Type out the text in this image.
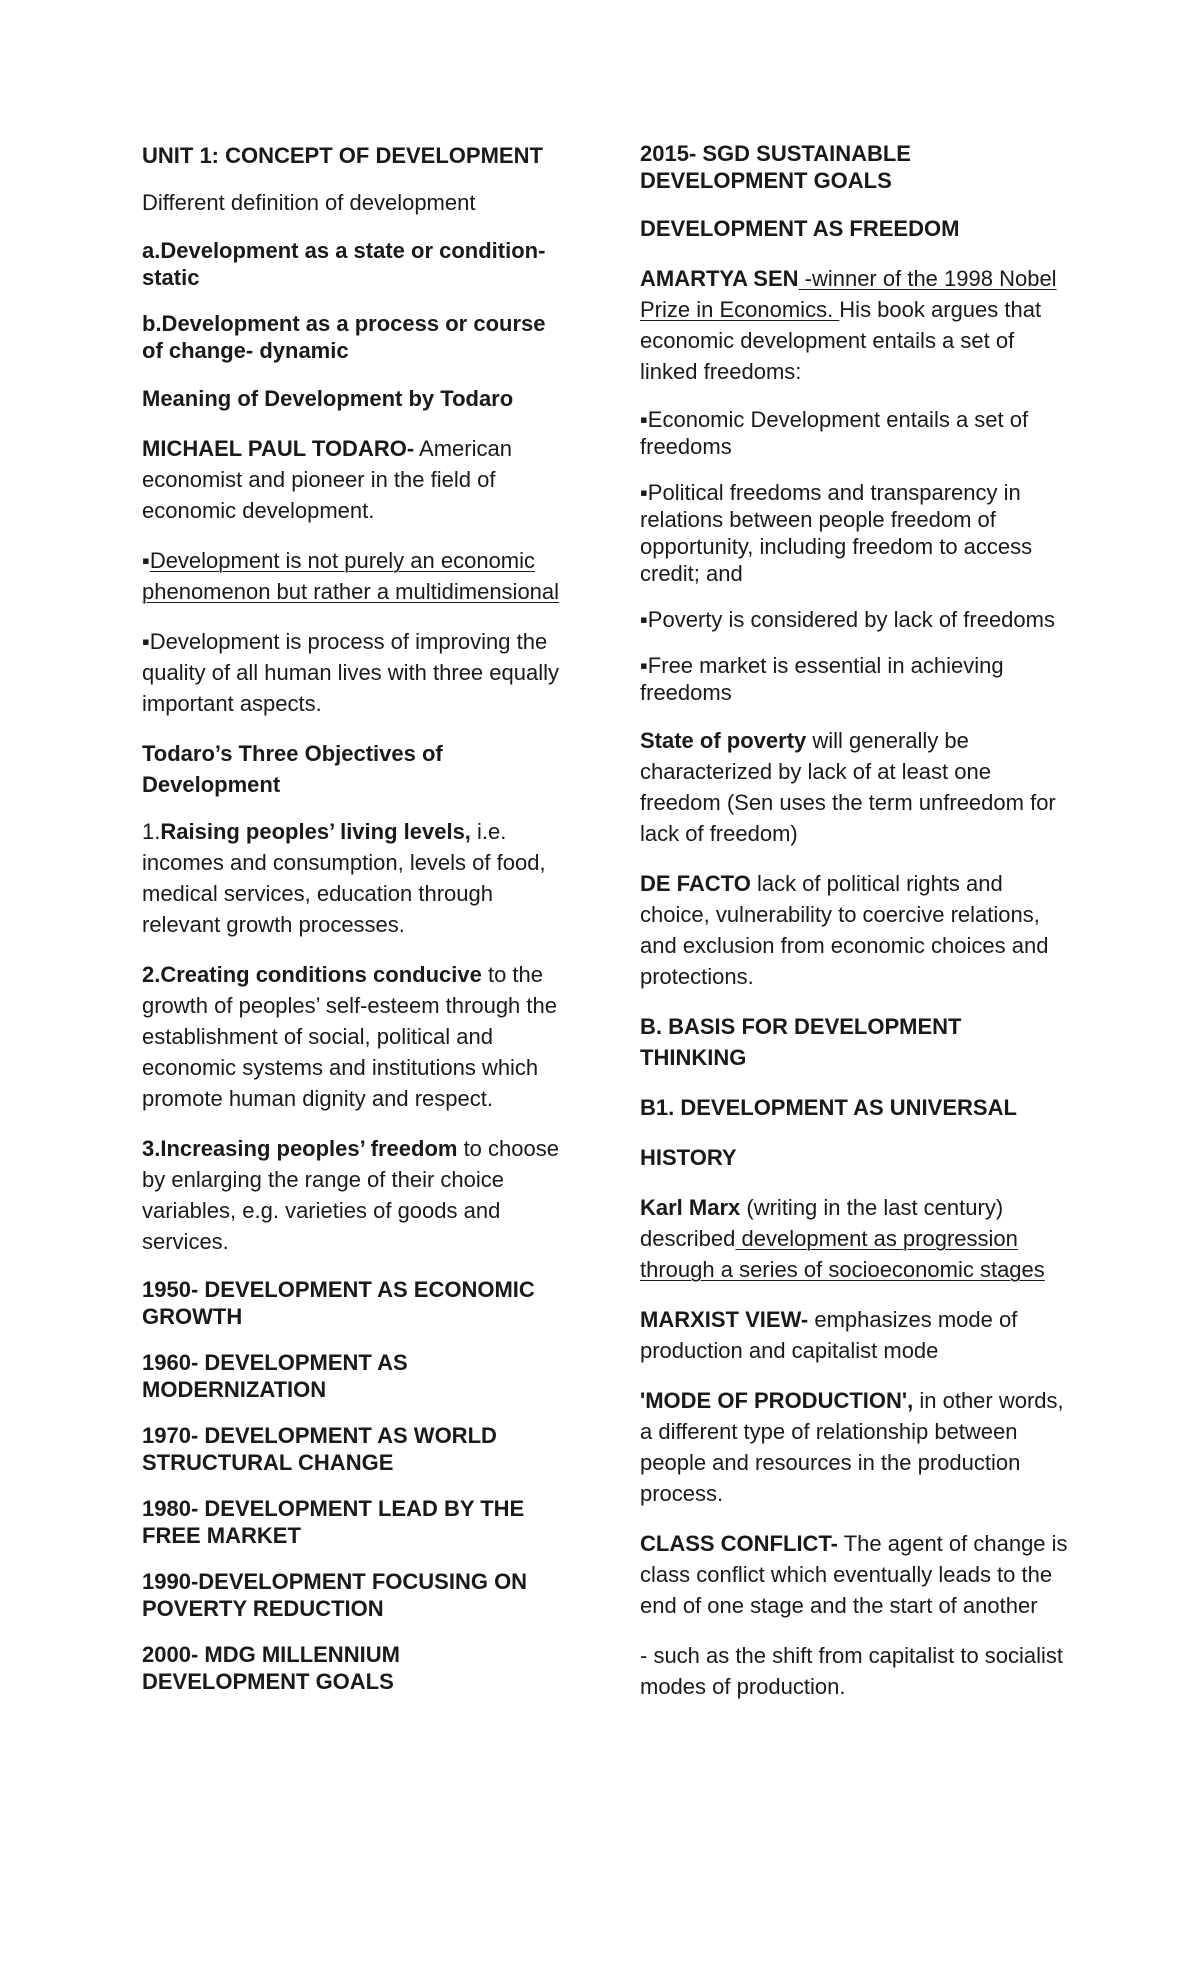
UNIT 1: CONCEPT OF DEVELOPMENT

Different definition of development

a.Development as a state or condition-static

b.Development as a process or course of change- dynamic

Meaning of Development by Todaro

MICHAEL PAUL TODARO- American economist and pioneer in the field of economic development.

▪Development is not purely an economic phenomenon but rather a multidimensional

▪Development is process of improving the quality of all human lives with three equally important aspects.

Todaro’s Three Objectives of Development

1.Raising peoples’ living levels, i.e. incomes and consumption, levels of food, medical services, education through relevant growth processes.

2.Creating conditions conducive to the growth of peoples’ self-esteem through the establishment of social, political and economic systems and institutions which promote human dignity and respect.

3.Increasing peoples’ freedom to choose by enlarging the range of their choice variables, e.g. varieties of goods and services.

1950- DEVELOPMENT AS ECONOMIC GROWTH

1960- DEVELOPMENT AS MODERNIZATION

1970- DEVELOPMENT AS WORLD STRUCTURAL CHANGE

1980- DEVELOPMENT LEAD BY THE FREE MARKET

1990-DEVELOPMENT FOCUSING ON POVERTY REDUCTION

2000- MDG MILLENNIUM DEVELOPMENT GOALS

2015- SGD SUSTAINABLE DEVELOPMENT GOALS

DEVELOPMENT AS FREEDOM

AMARTYA SEN -winner of the 1998 Nobel Prize in Economics. His book argues that economic development entails a set of linked freedoms:

▪Economic Development entails a set of freedoms

▪Political freedoms and transparency in relations between people freedom of opportunity, including freedom to access credit; and

▪Poverty is considered by lack of freedoms

▪Free market is essential in achieving freedoms

State of poverty will generally be characterized by lack of at least one freedom (Sen uses the term unfreedom for lack of freedom)

DE FACTO lack of political rights and choice, vulnerability to coercive relations, and exclusion from economic choices and protections.

B. BASIS FOR DEVELOPMENT THINKING

B1. DEVELOPMENT AS UNIVERSAL

HISTORY

Karl Marx (writing in the last century) described development as progression through a series of socioeconomic stages

MARXIST VIEW- emphasizes mode of production and capitalist mode

'MODE OF PRODUCTION', in other words, a different type of relationship between people and resources in the production process.

CLASS CONFLICT- The agent of change is class conflict which eventually leads to the end of one stage and the start of another

- such as the shift from capitalist to socialist modes of production.
